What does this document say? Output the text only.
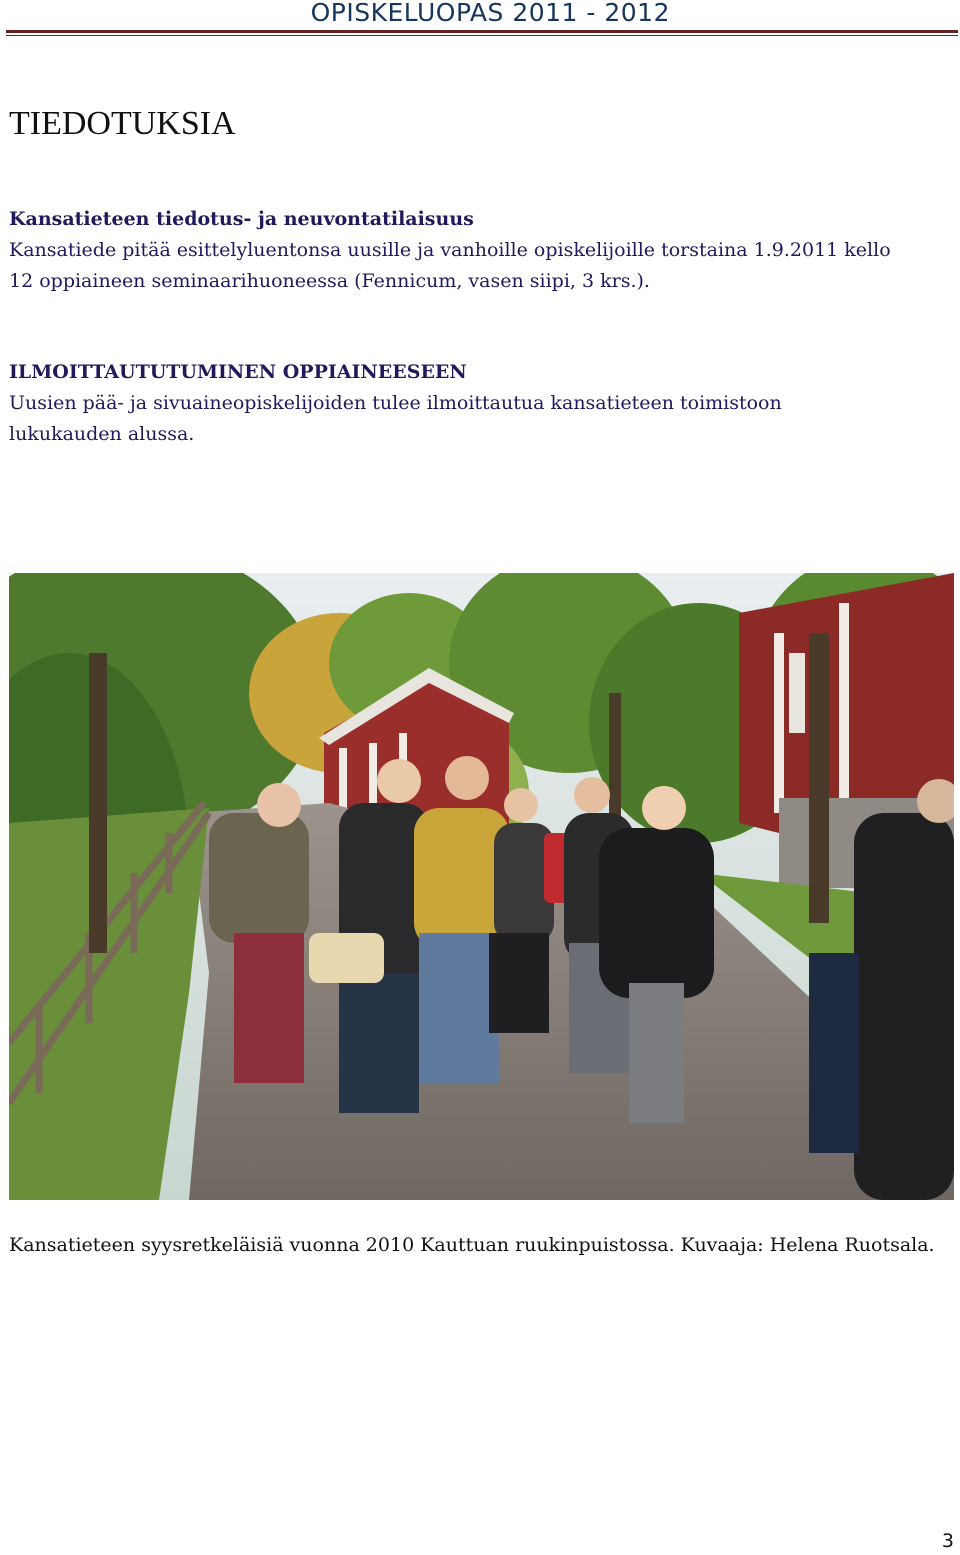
OPISKELUOPAS 2011 - 2012
TIEDOTUKSIA
Kansatieteen tiedotus- ja neuvontatilaisuus
Kansatiede pitää esittelyluentonsa uusille ja vanhoille opiskelijoille torstaina 1.9.2011 kello
12 oppiaineen seminaarihuoneessa (Fennicum, vasen siipi, 3 krs.).
ILMOITTAUTUTUMINEN OPPIAINEESEEN
Uusien pää- ja sivuaineopiskelijoiden tulee ilmoittautua kansatieteen toimistoon
lukukauden alussa.
Kansatieteen syysretkeläisiä vuonna 2010 Kauttuan ruukinpuistossa. Kuvaaja: Helena Ruotsala.
3
